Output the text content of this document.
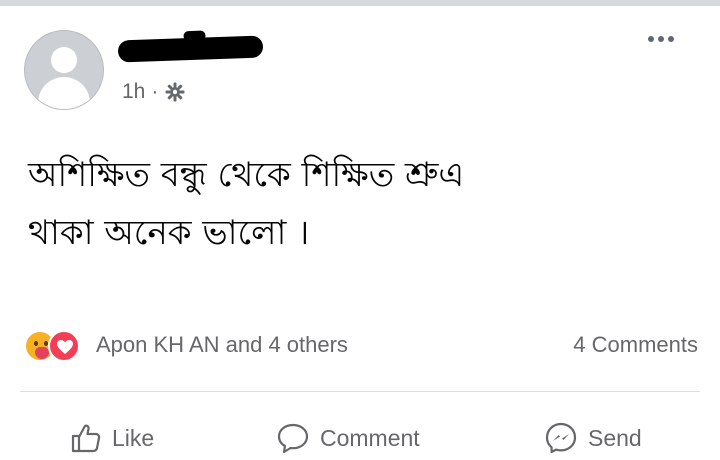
1h ·
অশিক্ষিত বন্ধু থেকে শিক্ষিত শ্রুএ
থাকা অনেক ভালো ।
Apon KH AN and 4 others	4 Comments
Like	Comment	Send
